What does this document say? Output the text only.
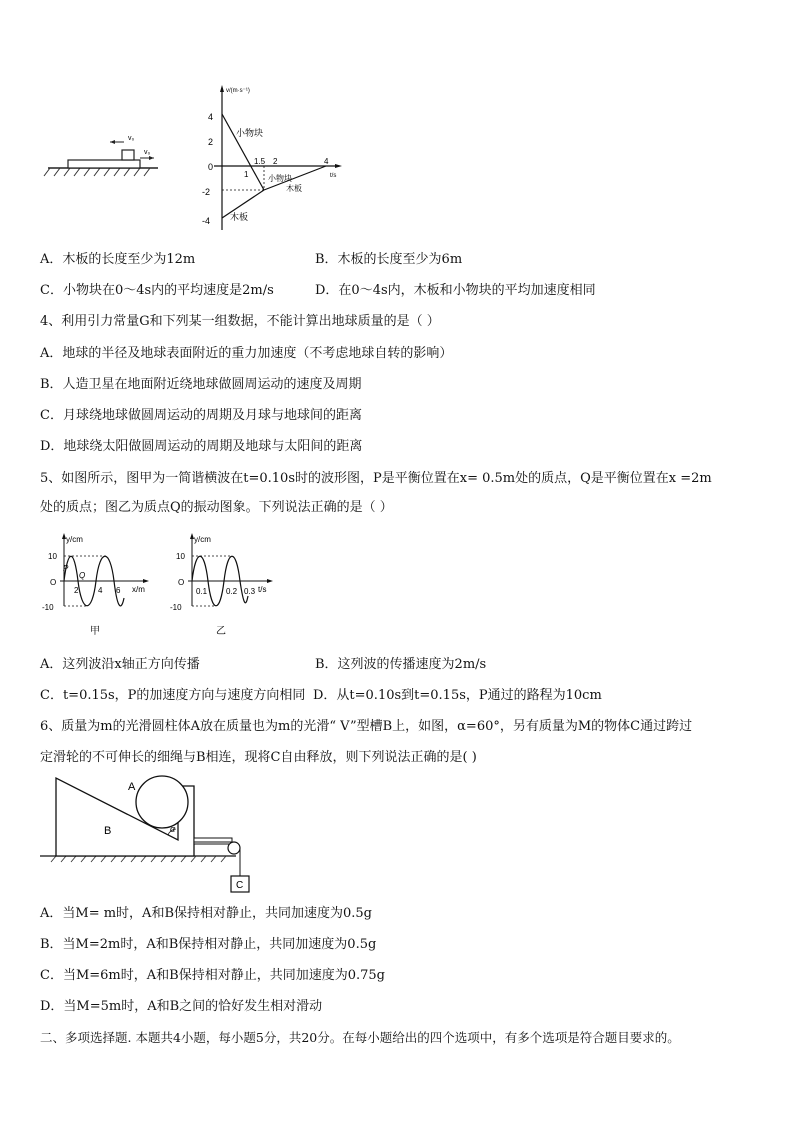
v₀
v₀
v/(m·s⁻¹)
t/s
4
2
0
-2
-4
1
1.5 2	4
小物块
小物块
木板
木板
A．木板的长度至少为12m	B．木板的长度至少为6m
C．小物块在0～4s内的平均速度是2m/s	D．在0～4s内，木板和小物块的平均加速度相同
4、利用引力常量G和下列某一组数据，不能计算出地球质量的是（ ）
A．地球的半径及地球表面附近的重力加速度（不考虑地球自转的影响）
B．人造卫星在地面附近绕地球做圆周运动的速度及周期
C．月球绕地球做圆周运动的周期及月球与地球间的距离
D．地球绕太阳做圆周运动的周期及地球与太阳间的距离
5、如图所示，图甲为一简谐横波在t=0.10s时的波形图，P是平衡位置在x= 0.5m处的质点，Q是平衡位置在x =2m
处的质点；图乙为质点Q的振动图象。下列说法正确的是（ ）
y/cm
x/m
10
O
-10
2 4 6
P
Q
甲
y/cm
t/s
10
O
-10
0.1 0.2 0.3
乙
A．这列波沿x轴正方向传播	B．这列波的传播速度为2m/s
C．t=0.15s，P的加速度方向与速度方向相同 D．从t=0.10s到t=0.15s，P通过的路程为10cm
6、质量为m的光滑圆柱体A放在质量也为m的光滑“ V”型槽B上，如图，α=60°，另有质量为M的物体C通过跨过
定滑轮的不可伸长的细绳与B相连，现将C自由释放，则下列说法正确的是( )
A
B	α
C
A．当M= m时，A和B保持相对静止，共同加速度为0.5g
B．当M=2m时，A和B保持相对静止，共同加速度为0.5g
C．当M=6m时，A和B保持相对静止，共同加速度为0.75g
D．当M=5m时，A和B之间的恰好发生相对滑动
二、多项选择题. 本题共4小题，每小题5分，共20分。在每小题给出的四个选项中，有多个选项是符合题目要求的。
